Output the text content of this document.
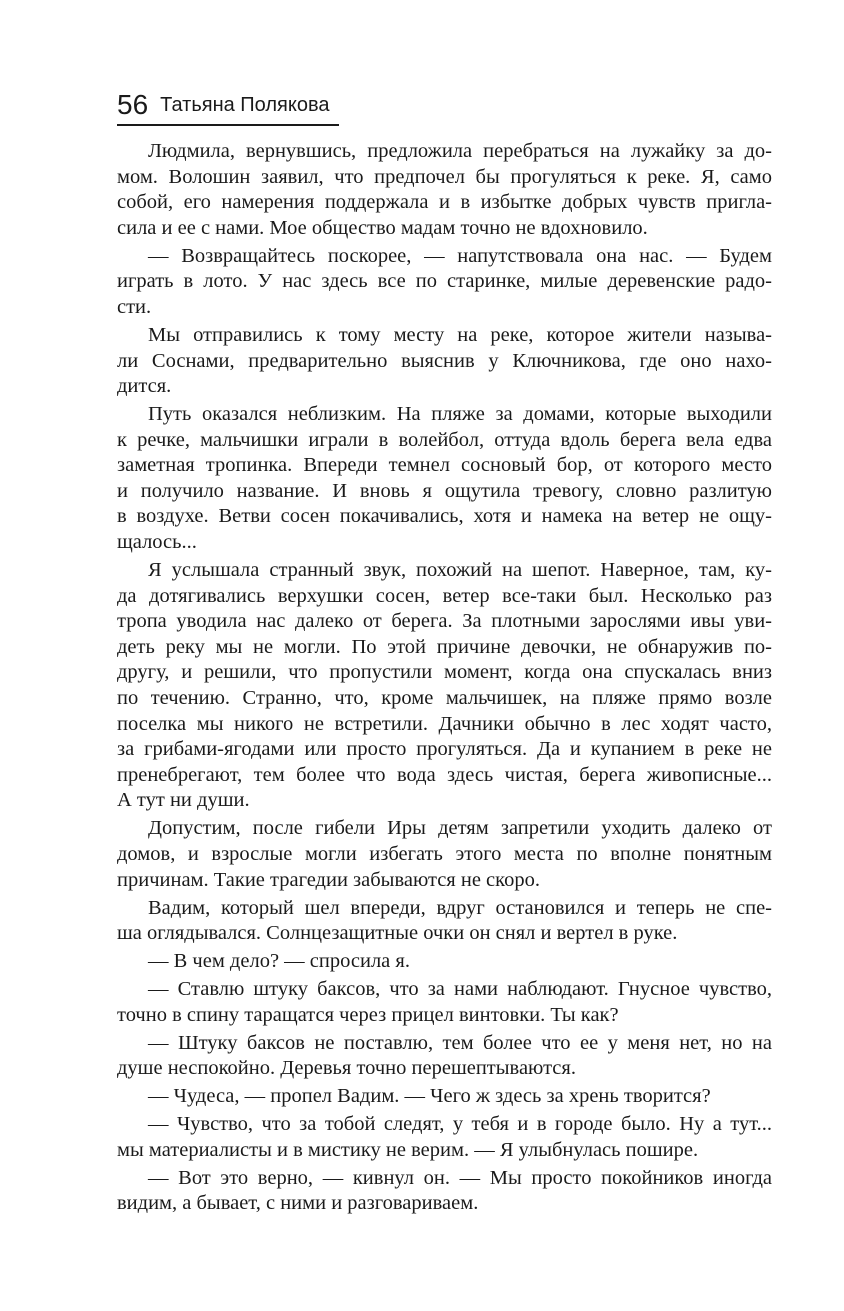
56 Татьяна Полякова
Людмила, вернувшись, предложила перебраться на лужайку за до-
мом. Волошин заявил, что предпочел бы прогуляться к реке. Я, само
собой, его намерения поддержала и в избытке добрых чувств пригла-
сила и ее с нами. Мое общество мадам точно не вдохновило.
— Возвращайтесь поскорее, — напутствовала она нас. — Будем
играть в лото. У нас здесь все по старинке, милые деревенские радо-
сти.
Мы отправились к тому месту на реке, которое жители называ-
ли Соснами, предварительно выяснив у Ключникова, где оно нахо-
дится.
Путь оказался неблизким. На пляже за домами, которые выходили
к речке, мальчишки играли в волейбол, оттуда вдоль берега вела едва
заметная тропинка. Впереди темнел сосновый бор, от которого место
и получило название. И вновь я ощутила тревогу, словно разлитую
в воздухе. Ветви сосен покачивались, хотя и намека на ветер не ощу-
щалось...
Я услышала странный звук, похожий на шепот. Наверное, там, ку-
да дотягивались верхушки сосен, ветер все-таки был. Несколько раз
тропа уводила нас далеко от берега. За плотными зарослями ивы уви-
деть реку мы не могли. По этой причине девочки, не обнаружив по-
другу, и решили, что пропустили момент, когда она спускалась вниз
по течению. Странно, что, кроме мальчишек, на пляже прямо возле
поселка мы никого не встретили. Дачники обычно в лес ходят часто,
за грибами-ягодами или просто прогуляться. Да и купанием в реке не
пренебрегают, тем более что вода здесь чистая, берега живописные...
А тут ни души.
Допустим, после гибели Иры детям запретили уходить далеко от
домов, и взрослые могли избегать этого места по вполне понятным
причинам. Такие трагедии забываются не скоро.
Вадим, который шел впереди, вдруг остановился и теперь не спе-
ша оглядывался. Солнцезащитные очки он снял и вертел в руке.
— В чем дело? — спросила я.
— Ставлю штуку баксов, что за нами наблюдают. Гнусное чувство,
точно в спину таращатся через прицел винтовки. Ты как?
— Штуку баксов не поставлю, тем более что ее у меня нет, но на
душе неспокойно. Деревья точно перешептываются.
— Чудеса, — пропел Вадим. — Чего ж здесь за хрень творится?
— Чувство, что за тобой следят, у тебя и в городе было. Ну а тут...
мы материалисты и в мистику не верим. — Я улыбнулась пошире.
— Вот это верно, — кивнул он. — Мы просто покойников иногда
видим, а бывает, с ними и разговариваем.
